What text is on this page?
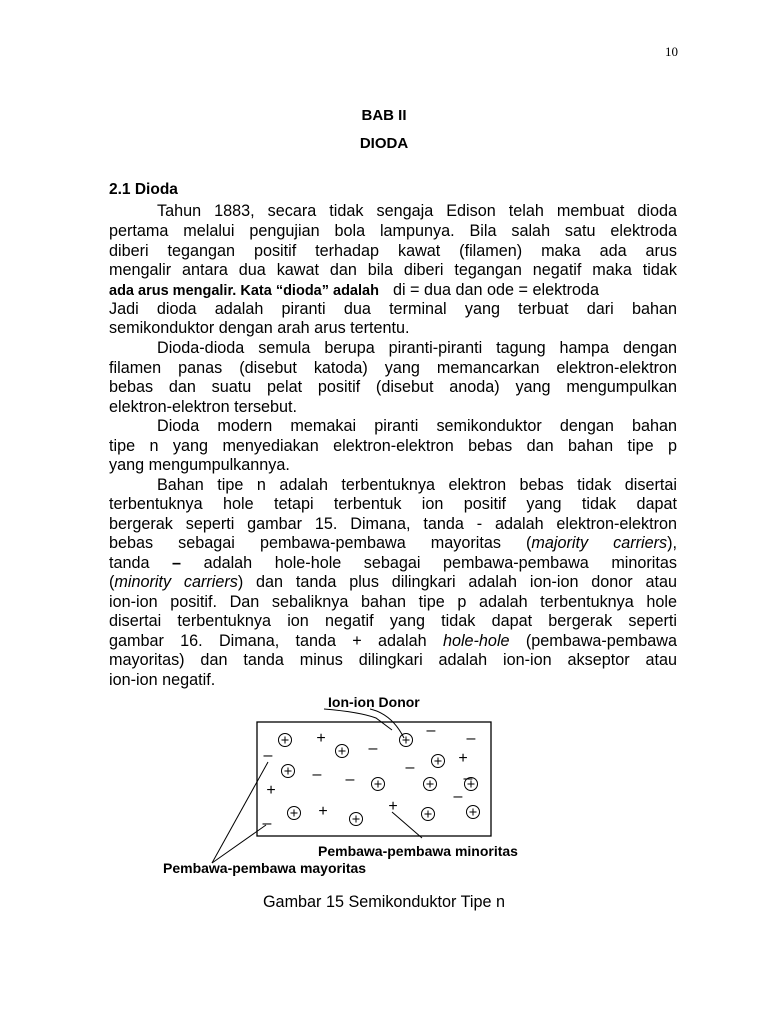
10
BAB II
DIODA
2.1 Dioda
Tahun 1883, secara tidak sengaja Edison telah membuat dioda
pertama melalui pengujian bola lampunya. Bila salah satu elektroda
diberi tegangan positif terhadap kawat (filamen) maka ada arus
mengalir antara dua kawat dan bila diberi tegangan negatif maka tidak
ada arus mengalir. Kata “dioda” adalah di = dua dan ode = elektroda
Jadi dioda adalah piranti dua terminal yang terbuat dari bahan
semikonduktor dengan arah arus tertentu.
Dioda-dioda semula berupa piranti-piranti tagung hampa dengan
filamen panas (disebut katoda) yang memancarkan elektron-elektron
bebas dan suatu pelat positif (disebut anoda) yang mengumpulkan
elektron-elektron tersebut.
Dioda modern memakai piranti semikonduktor dengan bahan
tipe n yang menyediakan elektron-elektron bebas dan bahan tipe p
yang mengumpulkannya.
Bahan tipe n adalah terbentuknya elektron bebas tidak disertai
terbentuknya hole tetapi terbentuk ion positif yang tidak dapat
bergerak seperti gambar 15. Dimana, tanda - adalah elektron-elektron
bebas sebagai pembawa-pembawa mayoritas (majority carriers),
tanda – adalah hole-hole sebagai pembawa-pembawa minoritas
(minority carriers) dan tanda plus dilingkari adalah ion-ion donor atau
ion-ion positif. Dan sebaliknya bahan tipe p adalah terbentuknya hole
disertai terbentuknya ion negatif yang tidak dapat bergerak seperti
gambar 16. Dimana, tanda + adalah hole-hole (pembawa-pembawa
mayoritas) dan tanda minus dilingkari adalah ion-ion akseptor atau
ion-ion negatif.
– –
–	–
– –
–
–
–
–
+
+
+
+	+
Ion-ion Donor
Pembawa-pembawa minoritas
Pembawa-pembawa mayoritas
Gambar 15 Semikonduktor Tipe n
